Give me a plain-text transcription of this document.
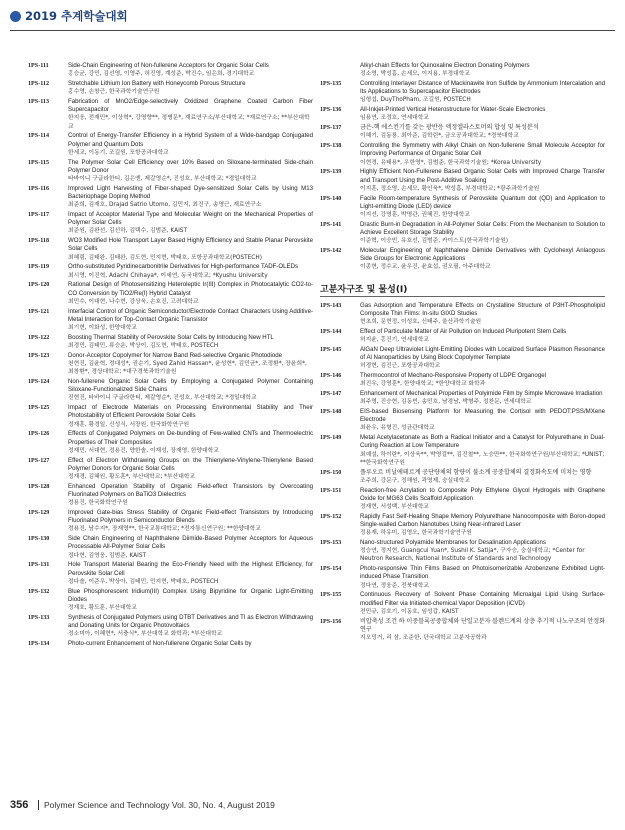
2019 추계학술대회
1PS-111	Side-Chain Engineering of Non-fullerene Acceptors for Organic Solar Cells
홍승균, 강민, 김선영, 이영주, 허진영, 계성준, 박진수, 임은희, 경기대학교
1PS-112	Stretchable Lithium Ion Battery with Honeycomb Porous Structure
홍수영, 손창근, 한국과학기술연구원
1PS-113	Fabrication of MnO2/Edge-selectively Oxidized Graphene Coated Carbon Fiber Supercapacitor
한지웅, 전재민*, 이상혁*, 강영향**, 정병문*, 재료연구소/부산대학교; *재료연구소; **부산대학교
1PS-114	Control of Energy-Transfer Efficiency in a Hybrid System of a Wide-bandgap Conjugated Polymer and Quantum Dots
한세교, 이동기, 조길원, 포항공과대학교
1PS-115	The Polymer Solar Cell Efficiency over 10% Based on Siloxane-terminated Side-chain Polymer Donor
타바이니 구글라한티, 김은엔, 제갈영순*, 진성호, 부산대학교; *경일대학교
1PS-116	Improved Light Harvesting of Fiber-shaped Dye-sensitized Solar Cells by Using M13 Bacteriophage Doping Method
최준희, 김재호, Drajad Satrio Utomo, 김민지, 최진구, 송영근, 재료연구소
1PS-117	Impact of Acceptor Material Type and Molecular Weight on the Mechanical Properties of Polymer Solar Cells
최준원, 김완선, 김선하, 김택수, 김범준, KAIST
1PS-118	WO3 Modified Hole Transport Layer Based Highly Efficiency and Stable Planar Perovskite Solar Cells
최혜림, 김태완, 김태완, 김도현, 민지현, 박태호, 포항공과대학교(POSTECH)
1PS-119	Ortho-substituted Pyridinecarbonitrile Derivatives for High-performance TADF-OLEDs
최시영, 이진혁, Adachi Chihaya*, 이세연, 동국대학교; *Kyushu University
1PS-120	Rational Design of Photosensitizing Heteroleptic Ir(III) Complex in Photocatalytic CO2-to-CO Conversion by TiO2/Re(I) Hybrid Catalyst
최민수, 이대현, 나수현, 강상욱, 손호진, 고려대학교
1PS-121	Interfacial Control of Organic Semiconductor/Electrode Contact Characters Using Additive-Metal Interaction for Top-Contact Organic Transistor
최기현, 이화성, 한양대학교
1PS-122	Boosting Thermal Stability of Perovskite Solar Cells by Introducing New HTL
최경민, 김태민, 류승운, 박상이, 김도현, 박태호, POSTECH
1PS-123	Donor-Acceptor Copolymer for Narrow Band Red-selective Organic Photodiode
천현진, 김윤혁, 정대성*, 권순기, Syed Zahid Hassan*, 윤성현*, 김민균*, 조정환*, 장윤희*, 최창환*, 경상대학교; *대구경북과학기술원
1PS-124	Non-fullerene Organic Solar Cells by Employing a Conjugated Polymer Containing Siloxane-Functionalized Side Chains
진현진, 타바이니 구글라한티, 제갈영순*, 진성호, 부산대학교; *경일대학교
1PS-125	Impact of Electrode Materials on Processing Environmental Stability and Their Photostability of Efficient Perovskite Solar Cells
정재훈, 황경일, 신성식, 서장원, 한국화학연구원
1PS-126	Effects of Conjugated Polymers on De-bundling of Few-walled CNTs and Thermoelectric Properties of Their Composites
정재민, 서대현, 정용진, 양한솔, 이재성, 장재영, 한양대학교
1PS-127	Effect of Electron Withdrawing Groups on the Thienylene-Vinylene-Thienylene Based Polymer Donors for Organic Solar Cells
정재경, 김혜원, 황도훈*, 부산대학교; *부산대학교
1PS-128	Enhanced Operation Stability of Organic Field-effect Transistors by Overcoating Fluorinated Polymers on BaTiO3 Dielectrics
정용진, 한국화학연구원
1PS-129	Improved Gate-bias Stress Stability of Organic Field-effect Transistors by Introducing Fluorinated Polymers in Semiconductor Blends
정용진, 남수지*, 장재영**, 한국교통대학교; *전자통신연구원; **한양대학교
1PS-130	Side Chain Engineering of Naphthalene Diimide-Based Polymer Acceptors for Aqueous Processable All-Polymer Solar Cells
정다현, 김영웅, 김범준, KAIST
1PS-131	Hole Transport Material Bearing the Eco-Friendly Need with the Highest Efficiency, for Perovskite Solar Cell
정다솔, 이준우, 박상아, 김태민, 민지현, 박태호, POSTECH
1PS-132	Blue Phosphorescent Iridium(III) Complex Using Bipyridine for Organic Light-Emitting Diodes
정재호, 황도훈, 부산대학교
1PS-133	Synthesis of Conjugated Polymers using DTBT Derivatives and TI as Electron Withdrawing and Donating Units for Organic Photovoltaics
정소미아, 이혜현*, 서충식*, 부산대학교 화학과; *부산대학교
1PS-134	Photo-current Enhancement of Non-fullerene Organic Solar Cells by
Alkyl-chain Effects for Quinoxaline Electron Donating Polymers
정소영, 박성흠, 손세모, 이지용, 부경대학교
1PS-135	Controlling Interlayer Distance of Mackinawite Iron Sulfide by Ammonium Intercalation and Its Applications to Supercapacitor Electrodes
임형섭, DuyThoPham, 조길원, POSTECH
1PS-136	All-Inkjet-Printed Vertical Heterostructure for Water-Scale Electronics
임용연, 조정호, 연세대학교
1PS-137	금은-핵 에스컨기를 갖는 광반응 액정엘라스토머의 합성 및 특성분석
이혜기, 김동룡, 최아준, 김학린*, 금오공과대학교; *경북대학교
1PS-138	Controlling the Symmetry with Alkyl Chain on Non-fullerene Small Molecule Acceptor for Improving Performance of Organic Solar Cell
이현경, 유태용*, 우한영*, 김범준, 한국과학기술원; *Korea University
1PS-139	Highly Efficient Non-Fullerene Based Organic Solar Cells with Improved Charge Transfer and Transport Using the Post-Additive Soaking
이지훈, 정소영, 손세모, 황인욱*, 박성흠, 부경대학교; *광주과학기술원
1PS-140	Facile Room-temperature Synthesis of Perovskite Quantum dot (QD) and Application to Light-emitting Diode (LED) device
이지선, 강명훈, 박명관, 권혜진, 한양대학교
1PS-141	Drastic Burn-in Degradation in All-Polymer Solar Cells: From the Mechanism to Solution to Achieve Excellent Storage Stability
이준혁, 이승빈, 유호선, 김범준, 카이스트(한국과학기술원)
1PS-142	Molecular Engineering of Naphthalene Diimide Derivatives with Cyclohexyl Anlaogous Side Groups for Electronic Applications
이종현, 정수교, 윤우진, 윤효섭, 권오필, 아주대학교
고분자구조 및 물성(I)
1PS-143	Gas Adsorption and Temperature Effects on Crystalline Structure of P3HT-Phospholipid Composite Thin Films: In-situ GIXD Studies
현초희, 문현정, 이성호, 신태주, 울산과학기술원
1PS-144	Effect of Particulate Matter of Air Pollution on Induced Pluripotent Stem Cells
허지윤, 홍진기, 연세대학교
1PS-145	AlGaN Deep Ultraviolet Light-Emitting Diodes with Localized Surface Plasmon Resonance of Al Nanoparticles by Using Block Copolymer Template
허경현, 김진근, 포항공과대학교
1PS-146	Thermocontrol of Mechano-Responsive Property of LDPE Organogel
최진우, 강영훈*, 한양대학교; *한양대학교 화학과
1PS-147	Enhancement of Mechanical Properties of Polyimide Film by Simple Microwave Irradiation
최주영, 진승현, 김동빈, 송민호, 남경남, 박형주, 정찬문, 연세대학교
1PS-148	EIS-based Biosensing Platform for Measuring the Cortisol with PEDOT:PSS/MXene Electrode
최윤우, 유형진, 성균관대학교
1PS-149	Metal Acetylacetonate as Both a Radical Initiator and a Catalyst for Polyurethane in Dual-Curing Reaction at Low Temperature
최예설, 하이란*, 이상욱**, 박영걸**, 김진철**, 노승만**, 한국화학연구원/부산대학교; *UNIST; **한국화학연구원
1PS-150	플루오르 비닐에테르계 공단량체의 함량이 불소계 공중합체의 결정화속도에 미치는 영향
조주희, 강문구, 정해원, 곽영제, 숭실대학교
1PS-151	Reaction-free Acrylation to Composite Poly Ethylene Glycol Hydrogels with Graphene Oxide for MG63 Cells Scaffold Application
정재현, 서성백, 부산대학교
1PS-152	Rapidly Fast Self-Healing Shape Memory Polyurethane Nanocomposite with Boron-doped Single-walled Carbon Nanotubes Using Near-infrared Laser
정용재, 하유미, 김영오, 한국과학기술연구원
1PS-153	Nano-structured Polyamide Membranes for Desalination Applications
정승연, 정지현, Guangcui Yuan*, Sushil K. Satija*, 구자승, 숭실대학교; *Center for Neutron Research, National Institute of Standards and Technology
1PS-154	Photo-responsive Thin Films Based on Photoisomerizable Azobenzene Exhibited Light-induced Phase Transition
정다연, 정웅준, 전북대학교
1PS-155	Continuous Recovery of Solvent Phase Containing Microalgal Lipid Using Surface-modified Filter via Initiated-chemical Vapor Deposition (iCVD)
전민규, 김호기, 이동호, 임성갑, KAIST
1PS-156	비압축성 조건 하 이중블록공중합체와 단일고분자 블렌드계의 상층 추기적 나노구조의 안정화 연구
지오밍거, 리 삼, 조준한, 단국대학교 고분자공학과
356 Polymer Science and Technology Vol. 30, No. 4, August 2019
